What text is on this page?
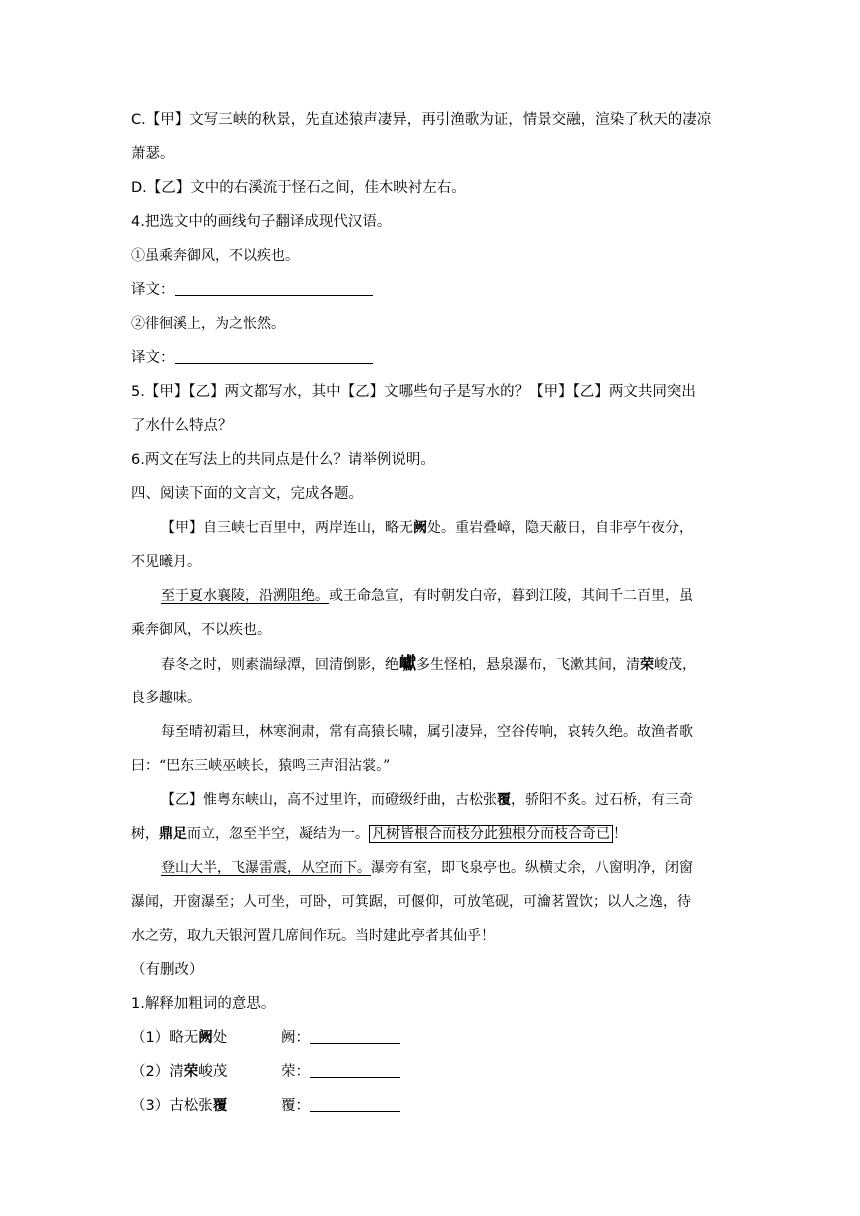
C.【甲】文写三峡的秋景，先直述猿声凄异，再引渔歌为证，情景交融，渲染了秋天的凄凉
萧瑟。
D.【乙】文中的右溪流于怪石之间，佳木映衬左右。
4.把选文中的画线句子翻译成现代汉语。
①虽乘奔御风，不以疾也。
译文：
②徘徊溪上，为之怅然。
译文：
5.【甲】【乙】两文都写水，其中【乙】文哪些句子是写水的？【甲】【乙】两文共同突出
了水什么特点？
6.两文在写法上的共同点是什么？请举例说明。
四、阅读下面的文言文，完成各题。
【甲】自三峡七百里中，两岸连山，略无阙处。重岩叠嶂，隐天蔽日，自非亭午夜分，
不见曦月。
至于夏水襄陵，沿溯阻绝。或王命急宣，有时朝发白帝，暮到江陵，其间千二百里，虽
乘奔御风，不以疾也。
春冬之时，则素湍绿潭，回清倒影，绝巘多生怪柏，悬泉瀑布，飞漱其间，清荣峻茂，
良多趣味。
每至晴初霜旦，林寒涧肃，常有高猿长啸，属引凄异，空谷传响，哀转久绝。故渔者歌
曰：“巴东三峡巫峡长，猿鸣三声泪沾裳。”
【乙】惟粤东峡山，高不过里许，而磴级纡曲，古松张覆，骄阳不炙。过石桥，有三奇
树，鼎足而立，忽至半空，凝结为一。 凡树皆根合而枝分此独根分而枝合奇已 ！
登山大半，飞瀑雷震，从空而下。瀑旁有室，即飞泉亭也。纵横丈余，八窗明净，闭窗
瀑闻，开窗瀑至；人可坐，可卧，可箕踞，可偃仰，可放笔砚，可瀹茗置饮；以人之逸，待
水之劳，取九天银河置几席间作玩。当时建此亭者其仙乎！
（有删改）
1.解释加粗词的意思。
（1）略无阙处	阙：
（2）清荣峻茂	荣：
（3）古松张覆	覆：
